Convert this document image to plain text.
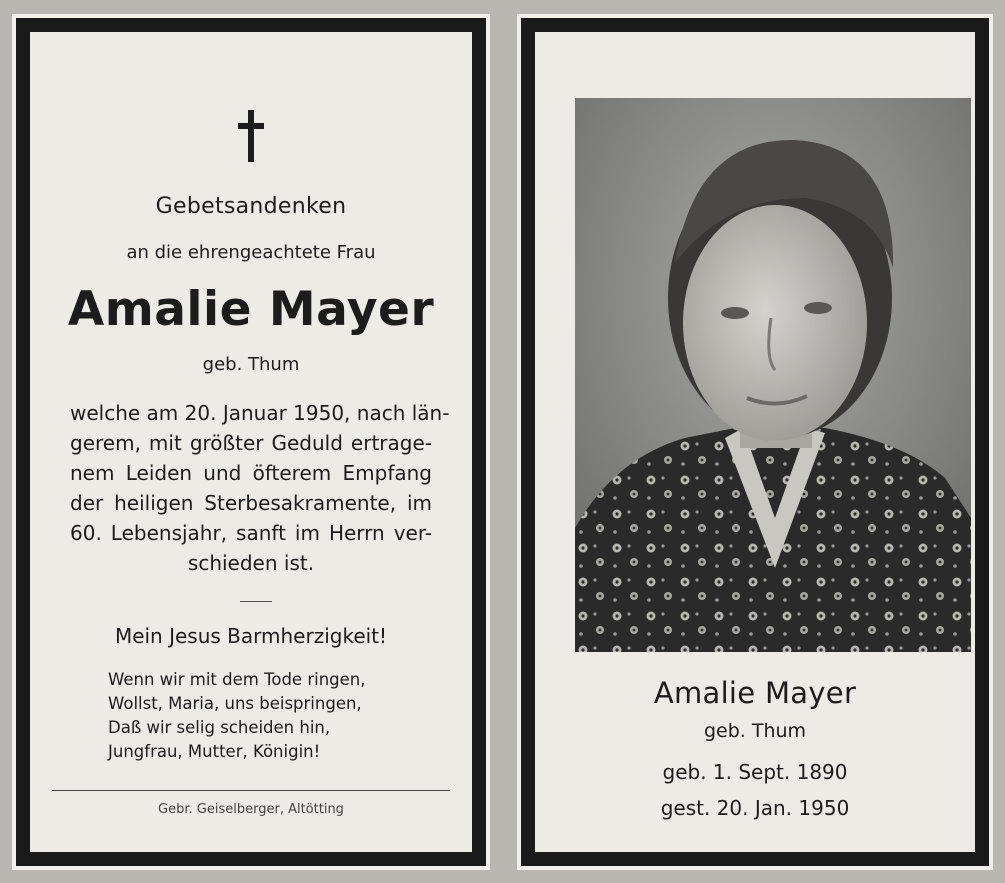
Gebetsandenken
an die ehrengeachtete Frau
Amalie Mayer
geb. Thum
welche am 20. Januar 1950, nach län-
gerem, mit größter Geduld ertrage-
nem Leiden und öfterem Empfang
der heiligen Sterbesakramente, im
60. Lebensjahr, sanft im Herrn ver-
schieden ist.
Mein Jesus Barmherzigkeit!
Wenn wir mit dem Tode ringen,
Wollst, Maria, uns beispringen,
Daß wir selig scheiden hin,
Jungfrau, Mutter, Königin!
Gebr. Geiselberger, Altötting
Amalie Mayer
geb. Thum
geb. 1. Sept. 1890
gest. 20. Jan. 1950
